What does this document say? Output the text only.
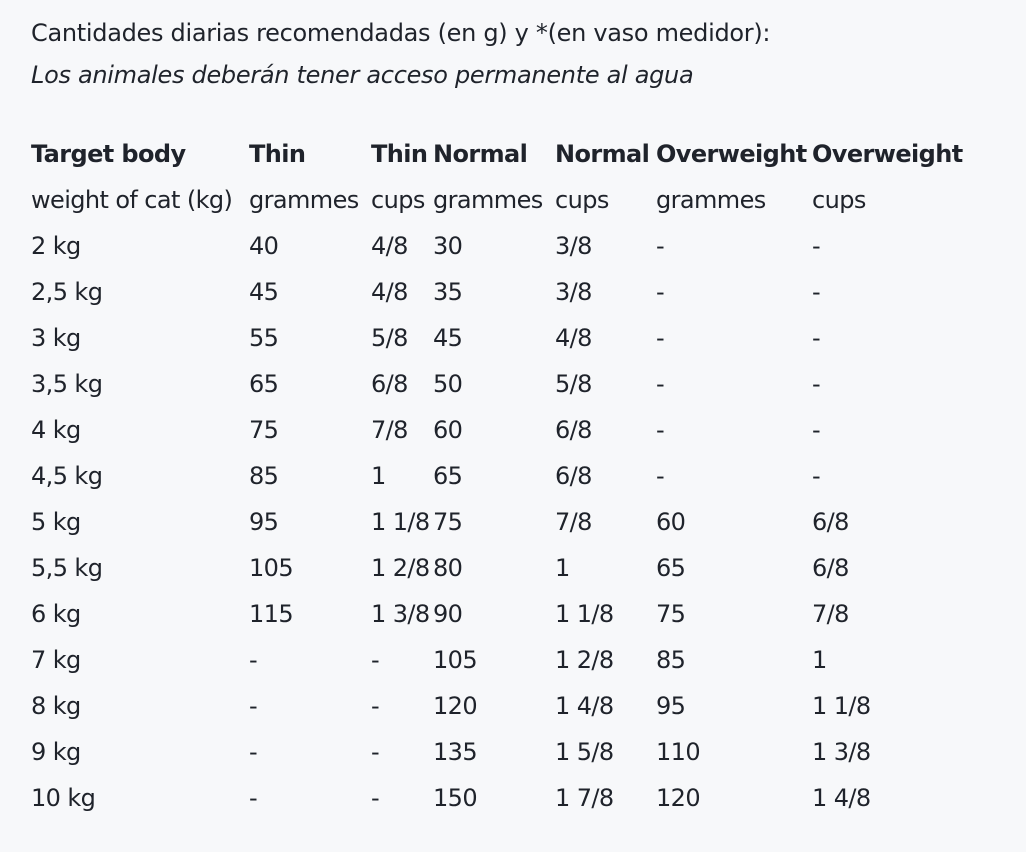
Cantidades diarias recomendadas (en g) y *(en vaso medidor):

Los animales deberán tener acceso permanente al agua

Target body	Thin	Thin	Normal	Normal	Overweight	Overweight
weight of cat (kg)	grammes	cups	grammes	cups	grammes	cups
2 kg	40	4/8	30	3/8	-	-
2,5 kg	45	4/8	35	3/8	-	-
3 kg	55	5/8	45	4/8	-	-
3,5 kg	65	6/8	50	5/8	-	-
4 kg	75	7/8	60	6/8	-	-
4,5 kg	85	1	65	6/8	-	-
5 kg	95	1 1/8	75	7/8	60	6/8
5,5 kg	105	1 2/8	80	1	65	6/8
6 kg	115	1 3/8	90	1 1/8	75	7/8
7 kg	-	-	105	1 2/8	85	1
8 kg	-	-	120	1 4/8	95	1 1/8
9 kg	-	-	135	1 5/8	110	1 3/8
10 kg	-	-	150	1 7/8	120	1 4/8
